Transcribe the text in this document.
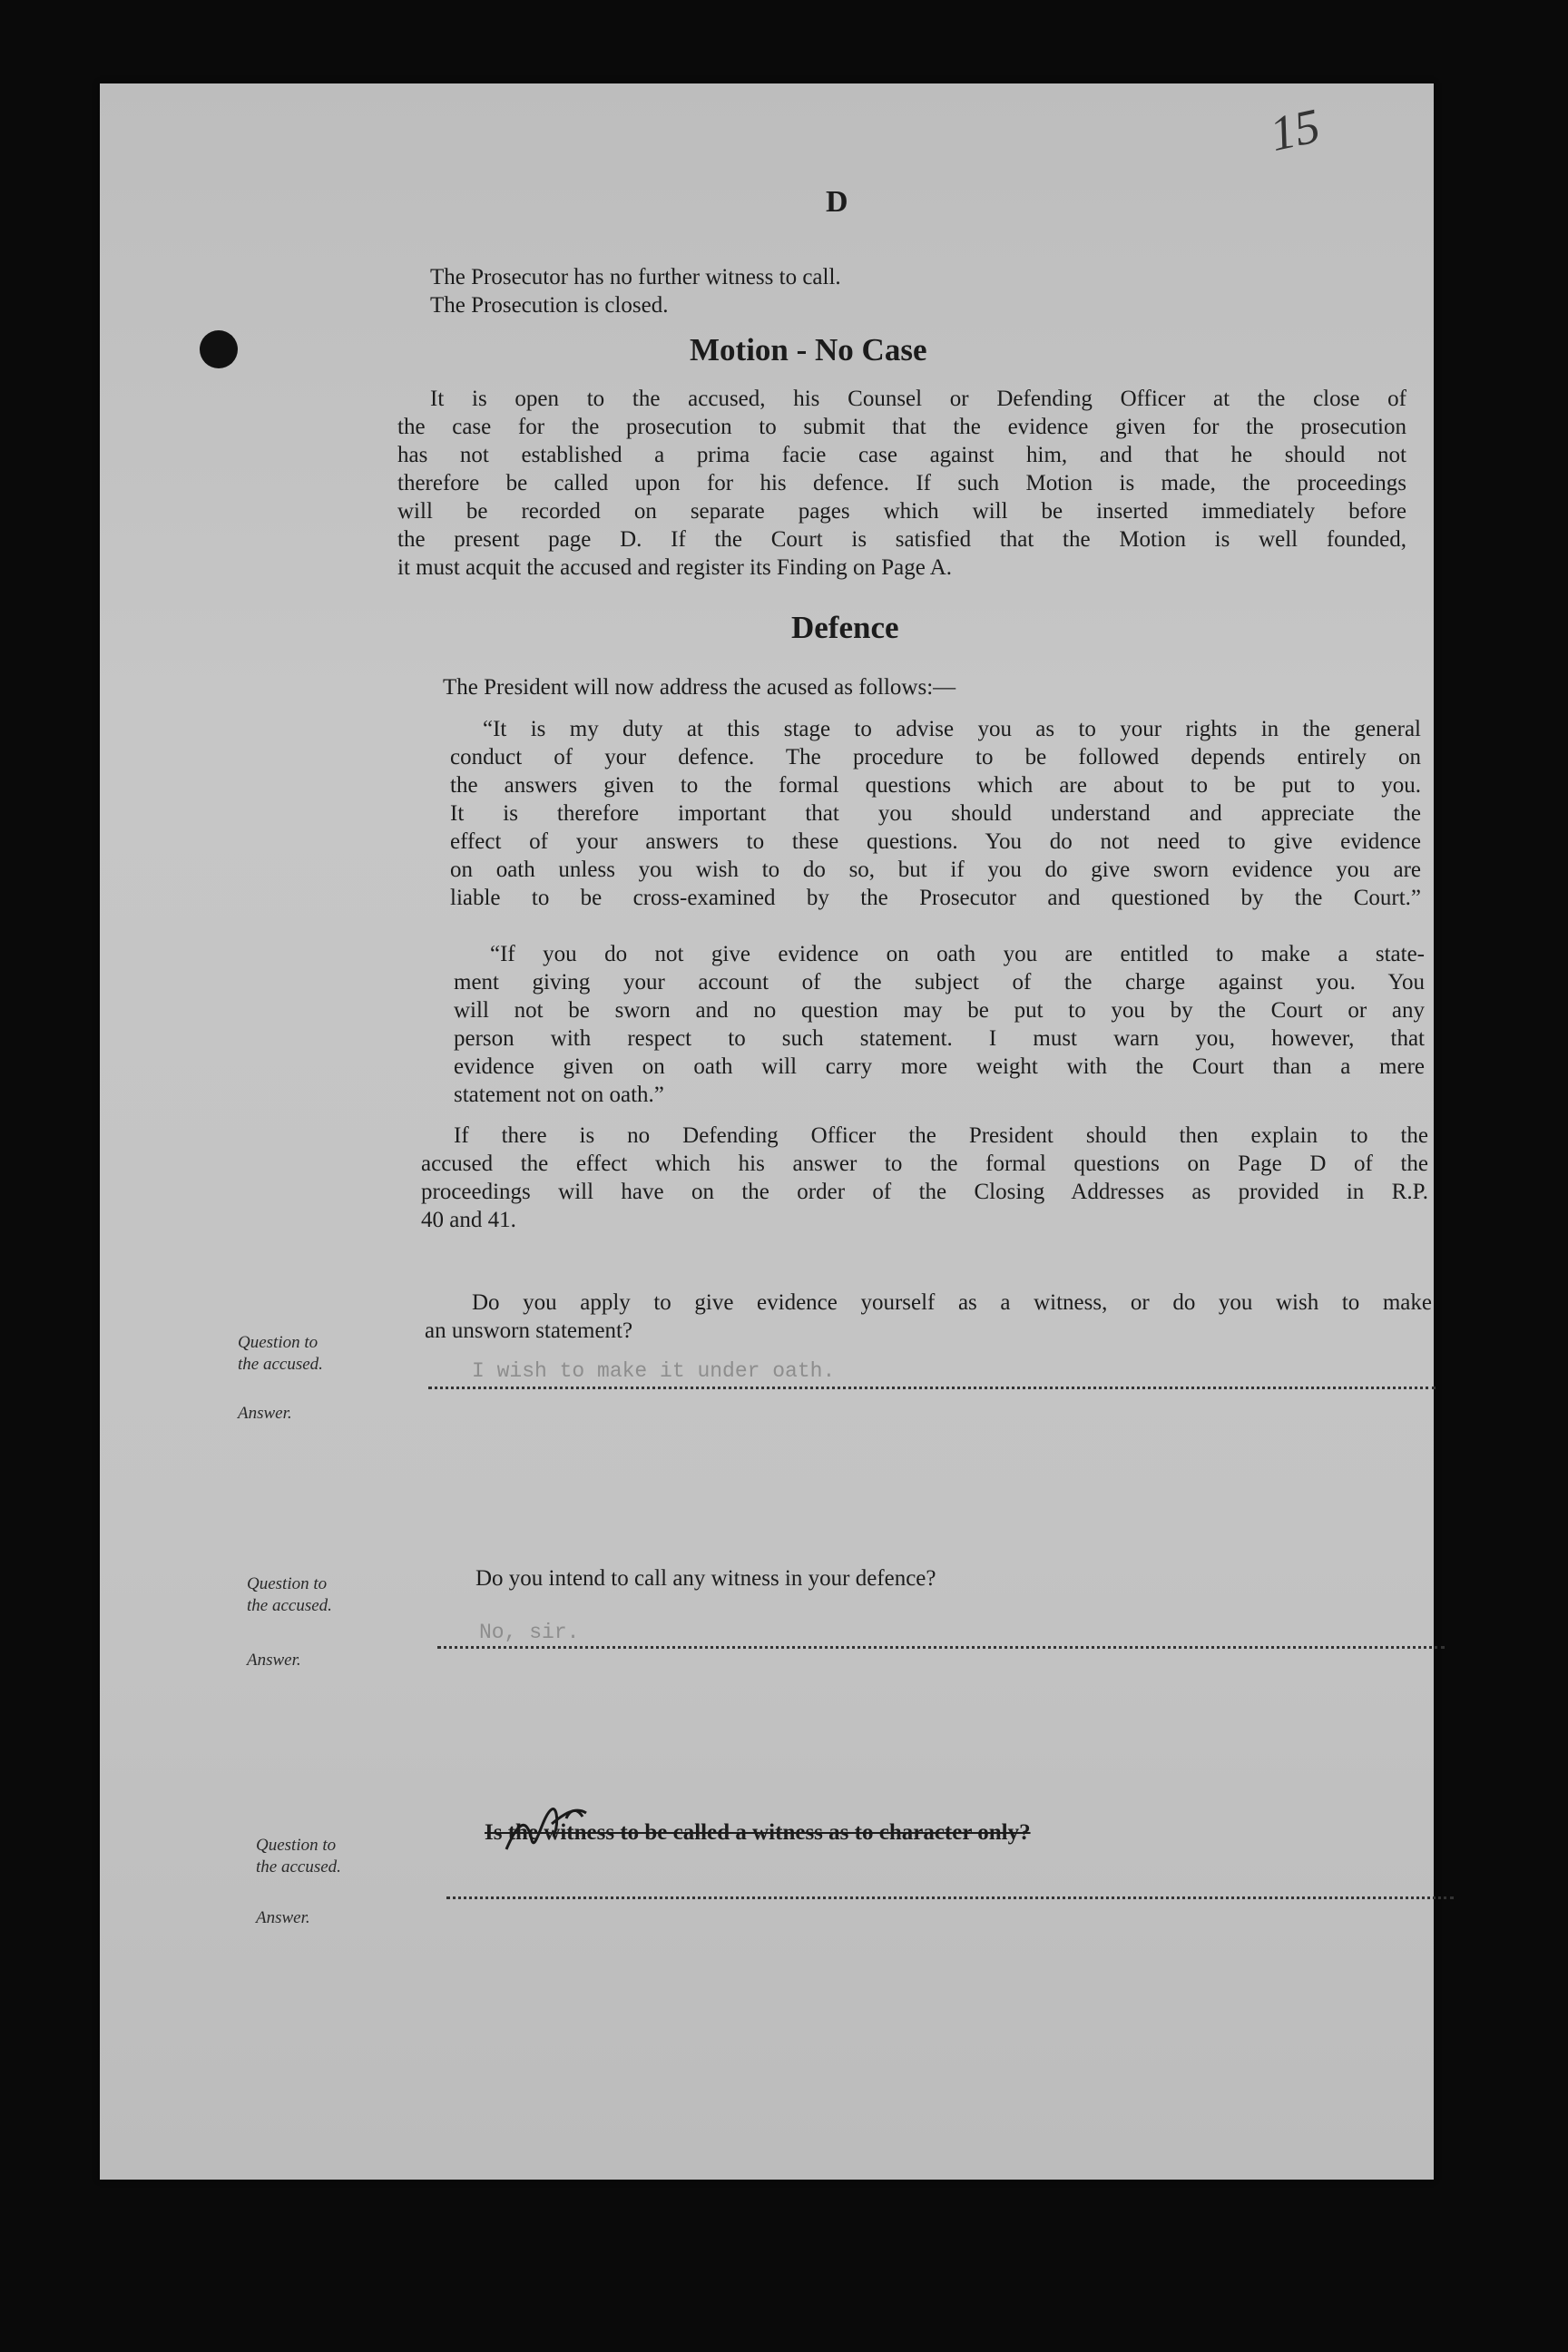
15
D
The Prosecutor has no further witness to call.
The Prosecution is closed.
Motion - No Case
It is open to the accused, his Counsel or Defending Officer at the close of
the case for the prosecution to submit that the evidence given for the prosecution
has not established a prima facie case against him, and that he should not
therefore be called upon for his defence. If such Motion is made, the proceedings
will be recorded on separate pages which will be inserted immediately before
the present page D. If the Court is satisfied that the Motion is well founded,
it must acquit the accused and register its Finding on Page A.
Defence
The President will now address the acused as follows:—
“It is my duty at this stage to advise you as to your rights in the general
conduct of your defence. The procedure to be followed depends entirely on
the answers given to the formal questions which are about to be put to you.
It is therefore important that you should understand and appreciate the
effect of your answers to these questions. You do not need to give evidence
on oath unless you wish to do so, but if you do give sworn evidence you are
liable to be cross-examined by the Prosecutor and questioned by the Court.”
“If you do not give evidence on oath you are entitled to make a state-
ment giving your account of the subject of the charge against you. You
will not be sworn and no question may be put to you by the Court or any
person with respect to such statement. I must warn you, however, that
evidence given on oath will carry more weight with the Court than a mere
statement not on oath.”
If there is no Defending Officer the President should then explain to the
accused the effect which his answer to the formal questions on Page D of the
proceedings will have on the order of the Closing Addresses as provided in R.P.
40 and 41.
Question to
the accused.
Answer.
Do you apply to give evidence yourself as a witness, or do you wish to make
an unsworn statement?
I wish to make it under oath.
Question to
the accused.
Answer.
Do you intend to call any witness in your defence?
No, sir.
Question to
the accused.
Answer.
Is the witness to be called a witness as to character only?
